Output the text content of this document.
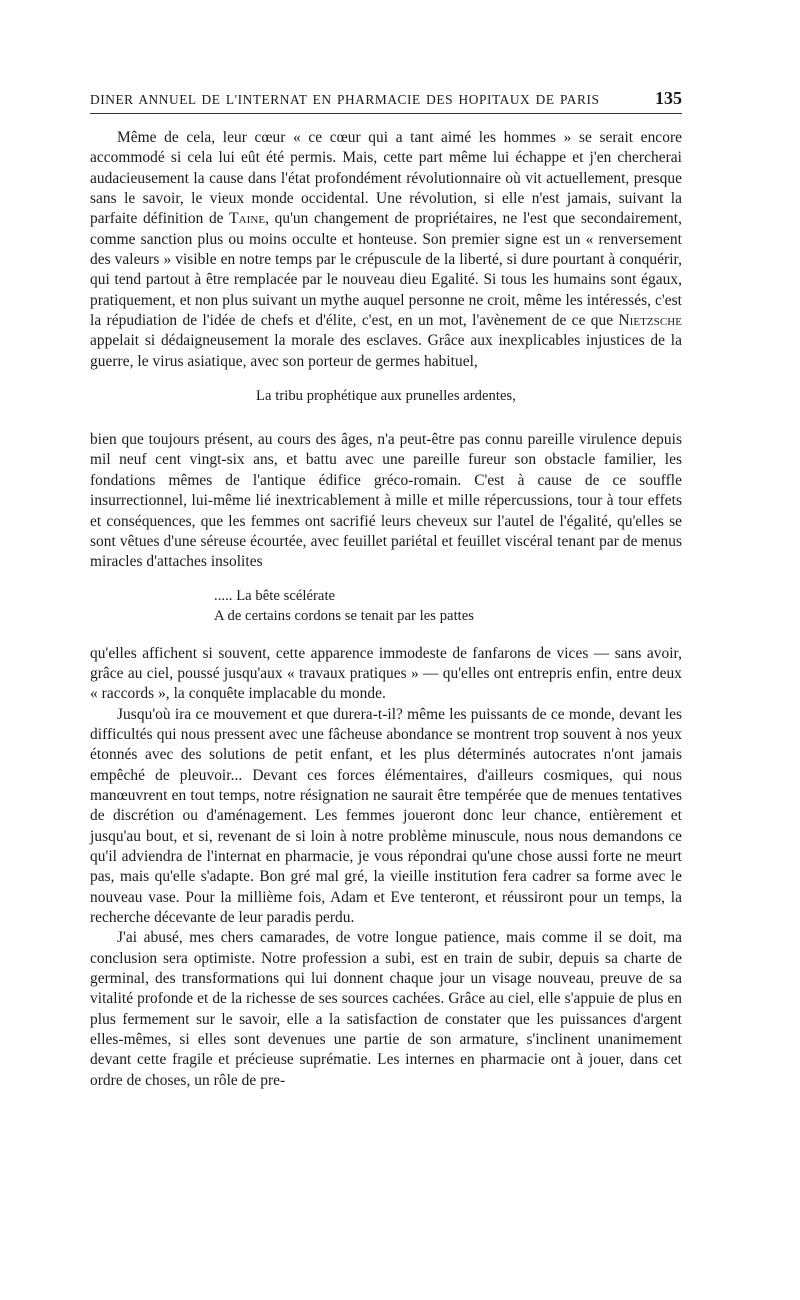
DINER ANNUEL DE L'INTERNAT EN PHARMACIE DES HOPITAUX DE PARIS	135

Même de cela, leur cœur « ce cœur qui a tant aimé les hommes » se serait encore accommodé si cela lui eût été permis. Mais, cette part même lui échappe et j'en chercherai audacieusement la cause dans l'état profondément révolutionnaire où vit actuellement, presque sans le savoir, le vieux monde occidental. Une révolution, si elle n'est jamais, suivant la parfaite définition de Taine, qu'un changement de propriétaires, ne l'est que secondairement, comme sanction plus ou moins occulte et honteuse. Son premier signe est un « renversement des valeurs » visible en notre temps par le crépuscule de la liberté, si dure pourtant à conquérir, qui tend partout à être remplacée par le nouveau dieu Egalité. Si tous les humains sont égaux, pratiquement, et non plus suivant un mythe auquel personne ne croit, même les intéressés, c'est la répudiation de l'idée de chefs et d'élite, c'est, en un mot, l'avènement de ce que Nietzsche appelait si dédaigneusement la morale des esclaves. Grâce aux inexplicables injustices de la guerre, le virus asiatique, avec son porteur de germes habituel,

La tribu prophétique aux prunelles ardentes,

bien que toujours présent, au cours des âges, n'a peut-être pas connu pareille virulence depuis mil neuf cent vingt-six ans, et battu avec une pareille fureur son obstacle familier, les fondations mêmes de l'antique édifice gréco-romain. C'est à cause de ce souffle insurrectionnel, lui-même lié inextricablement à mille et mille répercussions, tour à tour effets et conséquences, que les femmes ont sacrifié leurs cheveux sur l'autel de l'égalité, qu'elles se sont vêtues d'une séreuse écourtée, avec feuillet pariétal et feuillet viscéral tenant par de menus miracles d'attaches insolites

..... La bête scélérate
A de certains cordons se tenait par les pattes

qu'elles affichent si souvent, cette apparence immodeste de fanfarons de vices — sans avoir, grâce au ciel, poussé jusqu'aux « travaux pratiques » — qu'elles ont entrepris enfin, entre deux « raccords », la conquête implacable du monde.

Jusqu'où ira ce mouvement et que durera-t-il? même les puissants de ce monde, devant les difficultés qui nous pressent avec une fâcheuse abondance se montrent trop souvent à nos yeux étonnés avec des solutions de petit enfant, et les plus déterminés autocrates n'ont jamais empêché de pleuvoir... Devant ces forces élémentaires, d'ailleurs cosmiques, qui nous manœuvrent en tout temps, notre résignation ne saurait être tempérée que de menues tentatives de discrétion ou d'aménagement. Les femmes joueront donc leur chance, entièrement et jusqu'au bout, et si, revenant de si loin à notre problème minuscule, nous nous demandons ce qu'il adviendra de l'internat en pharmacie, je vous répondrai qu'une chose aussi forte ne meurt pas, mais qu'elle s'adapte. Bon gré mal gré, la vieille institution fera cadrer sa forme avec le nouveau vase. Pour la millième fois, Adam et Eve tenteront, et réussiront pour un temps, la recherche décevante de leur paradis perdu.

J'ai abusé, mes chers camarades, de votre longue patience, mais comme il se doit, ma conclusion sera optimiste. Notre profession a subi, est en train de subir, depuis sa charte de germinal, des transformations qui lui donnent chaque jour un visage nouveau, preuve de sa vitalité profonde et de la richesse de ses sources cachées. Grâce au ciel, elle s'appuie de plus en plus fermement sur le savoir, elle a la satisfaction de constater que les puissances d'argent elles-mêmes, si elles sont devenues une partie de son armature, s'inclinent unanimement devant cette fragile et précieuse suprématie. Les internes en pharmacie ont à jouer, dans cet ordre de choses, un rôle de pre-
